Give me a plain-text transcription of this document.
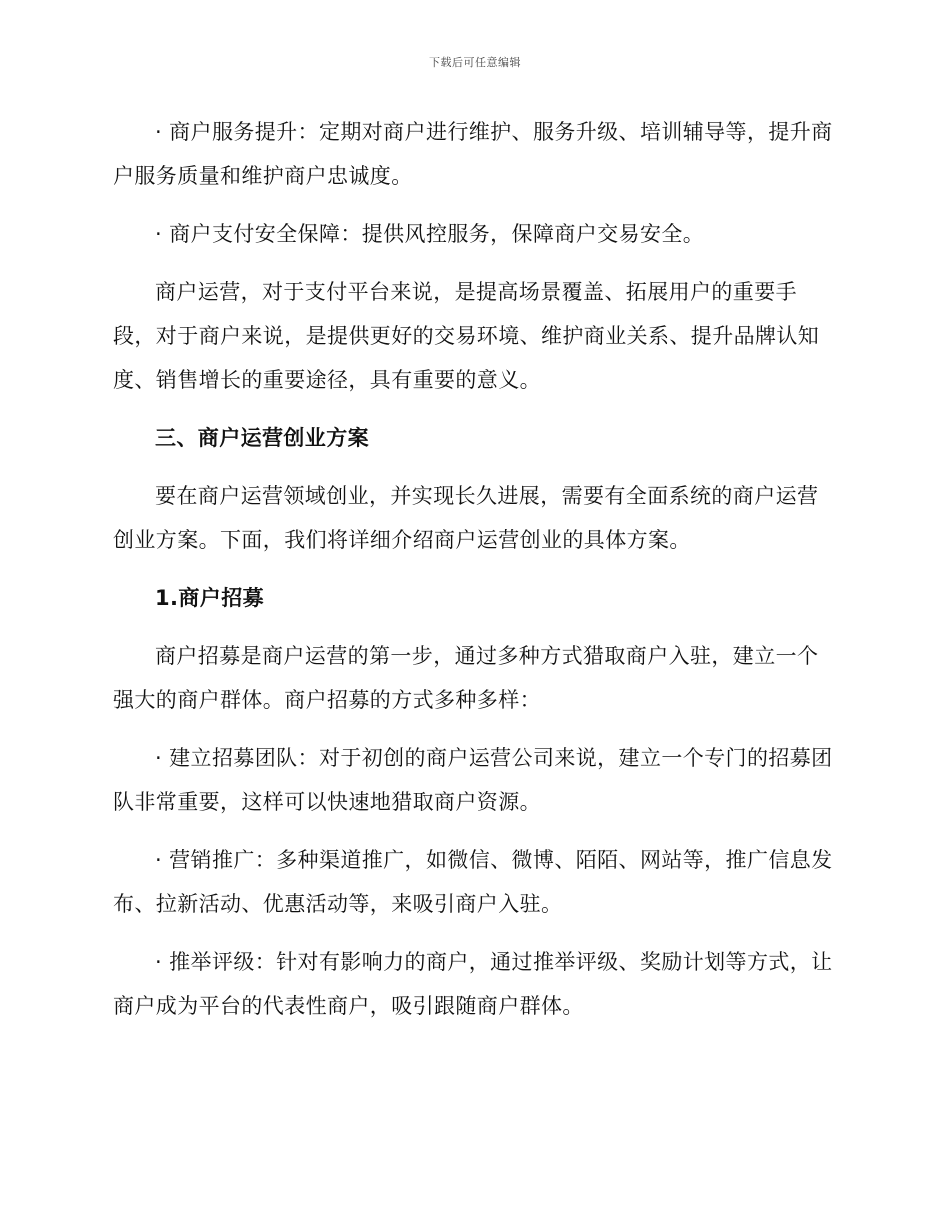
下载后可任意编辑

· 商户服务提升：定期对商户进行维护、服务升级、培训辅导等，提升商户服务质量和维护商户忠诚度。

· 商户支付安全保障：提供风控服务，保障商户交易安全。

商户运营，对于支付平台来说，是提高场景覆盖、拓展用户的重要手段，对于商户来说，是提供更好的交易环境、维护商业关系、提升品牌认知度、销售增长的重要途径，具有重要的意义。

三、商户运营创业方案

要在商户运营领域创业，并实现长久进展，需要有全面系统的商户运营创业方案。下面，我们将详细介绍商户运营创业的具体方案。

1.商户招募

商户招募是商户运营的第一步，通过多种方式猎取商户入驻，建立一个强大的商户群体。商户招募的方式多种多样：

· 建立招募团队：对于初创的商户运营公司来说，建立一个专门的招募团队非常重要，这样可以快速地猎取商户资源。

· 营销推广：多种渠道推广，如微信、微博、陌陌、网站等，推广信息发布、拉新活动、优惠活动等，来吸引商户入驻。

· 推举评级：针对有影响力的商户，通过推举评级、奖励计划等方式，让商户成为平台的代表性商户，吸引跟随商户群体。
